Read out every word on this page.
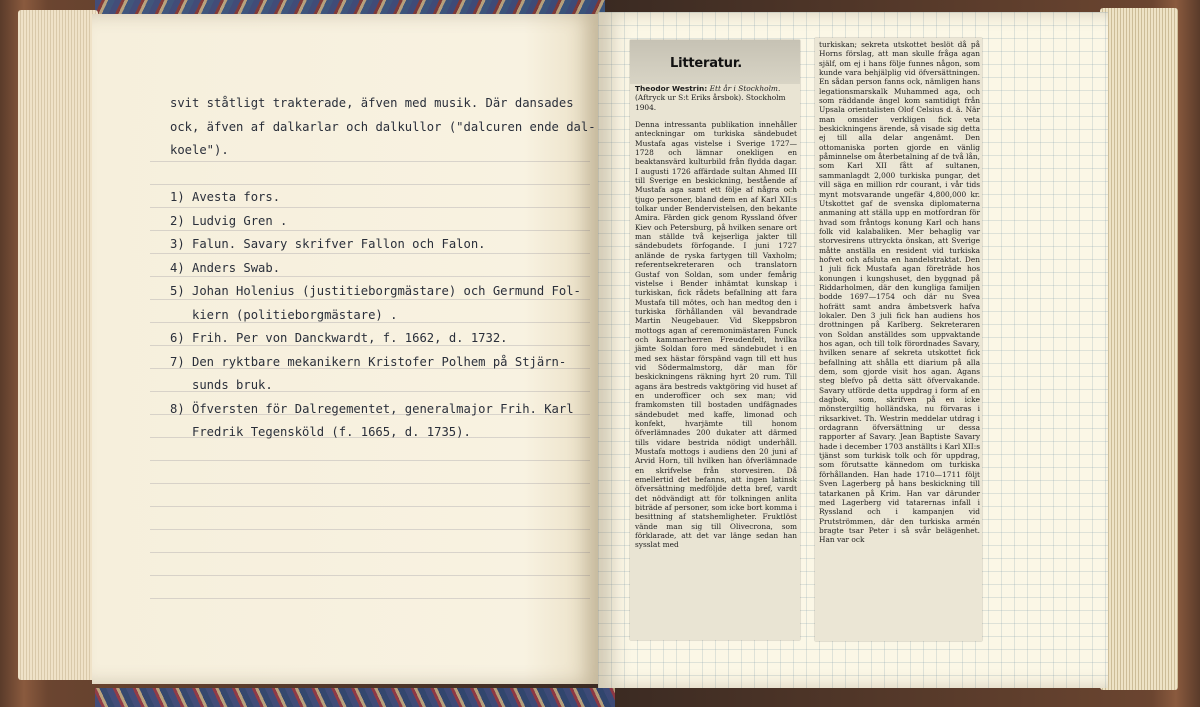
svit ståtligt trakterade, äfven med musik. Där dansades
ock, äfven af dalkarlar och dalkullor ("dalcuren ende dal-
koele").
1) Avesta fors.
2) Ludvig Gren .
3) Falun. Savary skrifver Fallon och Falon.
4) Anders Swab.
5) Johan Holenius (justitieborgmästare) och Germund Fol-
kiern (politieborgmästare) .
6) Frih. Per von Danckwardt, f. 1662, d. 1732.
7) Den ryktbare mekanikern Kristofer Polhem på Stjärn-
sunds bruk.
8) Öfversten för Dalregementet, generalmajor Frih. Karl
Fredrik Tegensköld (f. 1665, d. 1735).
Litteratur.
Theodor Westrin: Ett år i Stockholm. (Aftryck ur S:t Eriks årsbok). Stockholm 1904.
Denna intressanta publikation innehåller anteckningar om turkiska sändebudet Mustafa agas vistelse i Sverige 1727—1728 och lämnar onekligen en beaktansvärd kulturbild från flydda dagar. I augusti 1726 affärdade sultan Ahmed III till Sverige en beskickning, bestående af Mustafa aga samt ett följe af några och tjugo personer, bland dem en af Karl XII:s tolkar under Bendervistelsen, den bekante Amira. Färden gick genom Ryssland öfver Kiev och Petersburg, på hvilken senare ort man ställde två kejserliga jakter till sändebudets förfogande. I juni 1727 anlände de ryska fartygen till Vaxholm; referentsekreteraren och translatorn Gustaf von Soldan, som under femårig vistelse i Bender inhämtat kunskap i turkiskan, fick rådets befallning att fara Mustafa till mötes, och han medtog den i turkiska förhållanden väl bevandrade Martin Neugebauer. Vid Skeppsbron mottogs agan af ceremonimästaren Funck och kammarherren Freudenfelt, hvilka jämte Soldan foro med sändebudet i en med sex hästar förspänd vagn till ett hus vid Södermalmstorg, där man för beskickningens räkning hyrt 20 rum. Till agans ära bestreds vaktgöring vid huset af en underofficer och sex man; vid framkomsten till bostaden undfägnades sändebudet med kaffe, limonad och konfekt, hvarjämte till honom öfverlämnades 200 dukater att därmed tills vidare bestrida nödigt underhåll. Mustafa mottogs i audiens den 20 juni af Arvid Horn, till hvilken han öfverlämnade en skrifvelse från storvesiren. Då emellertid det befanns, att ingen latinsk öfversättning medföljde detta bref, vardt det nödvändigt att för tolkningen anlita biträde af personer, som icke bort komma i besittning af statshemligheter. Fruktlöst vände man sig till Olivecrona, som förklarade, att det var länge sedan han sysslat med
turkiskan; sekreta utskottet beslöt då på Horns förslag, att man skulle fråga agan själf, om ej i hans följe funnes någon, som kunde vara behjälplig vid öfversättningen. En sådan person fanns ock, nämligen hans legationsmarskalk Muhammed aga, och som räddande ängel kom samtidigt från Upsala orientalisten Olof Celsius d. ä. När man omsider verkligen fick veta beskickningens ärende, så visade sig detta ej till alla delar angenämt. Den ottomaniska porten gjorde en vänlig påminnelse om återbetalning af de två lån, som Karl XII fått af sultanen, sammanlagdt 2,000 turkiska pungar, det vill säga en million rdr courant, i vår tids mynt motsvarande ungefär 4,800,000 kr. Utskottet gaf de svenska diplomaterna anmaning att ställa upp en motfordran för hvad som fråntogs konung Karl och hans folk vid kalabaliken. Mer behaglig var storvesirens uttryckta önskan, att Sverige måtte anställa en resident vid turkiska hofvet och afsluta en handelstraktat. Den 1 juli fick Mustafa agan företräde hos konungen i kungshuset, den byggnad på Riddarholmen, där den kungliga familjen bodde 1697—1754 och där nu Svea hofrätt samt andra ämbetsverk hafva lokaler. Den 3 juli fick han audiens hos drottningen på Karlberg. Sekreteraren von Soldan anställdes som uppvaktande hos agan, och till tolk förordnades Savary, hvilken senare af sekreta utskottet fick befallning att shålla ett diarium på alla dem, som gjorde visit hos agan. Agans steg blefvo på detta sätt öfvervakande. Savary utförde detta uppdrag i form af en dagbok, som, skrifven på en icke mönstergiltig holländska, nu förvaras i riksarkivet. Th. Westrin meddelar utdrag i ordagrann öfversättning ur dessa rapporter af Savary. Jean Baptiste Savary hade i december 1703 anställts i Karl XII:s tjänst som turkisk tolk och för uppdrag, som förutsatte kännedom om turkiska förhållanden. Han hade 1710—1711 följt Sven Lagerberg på hans beskickning till tatarkanen på Krim. Han var därunder med Lagerberg vid tatarernas infall i Ryssland och i kampanjen vid Prutströmmen, där den turkiska armén bragte tsar Peter i så svår belägenhet. Han var ock
